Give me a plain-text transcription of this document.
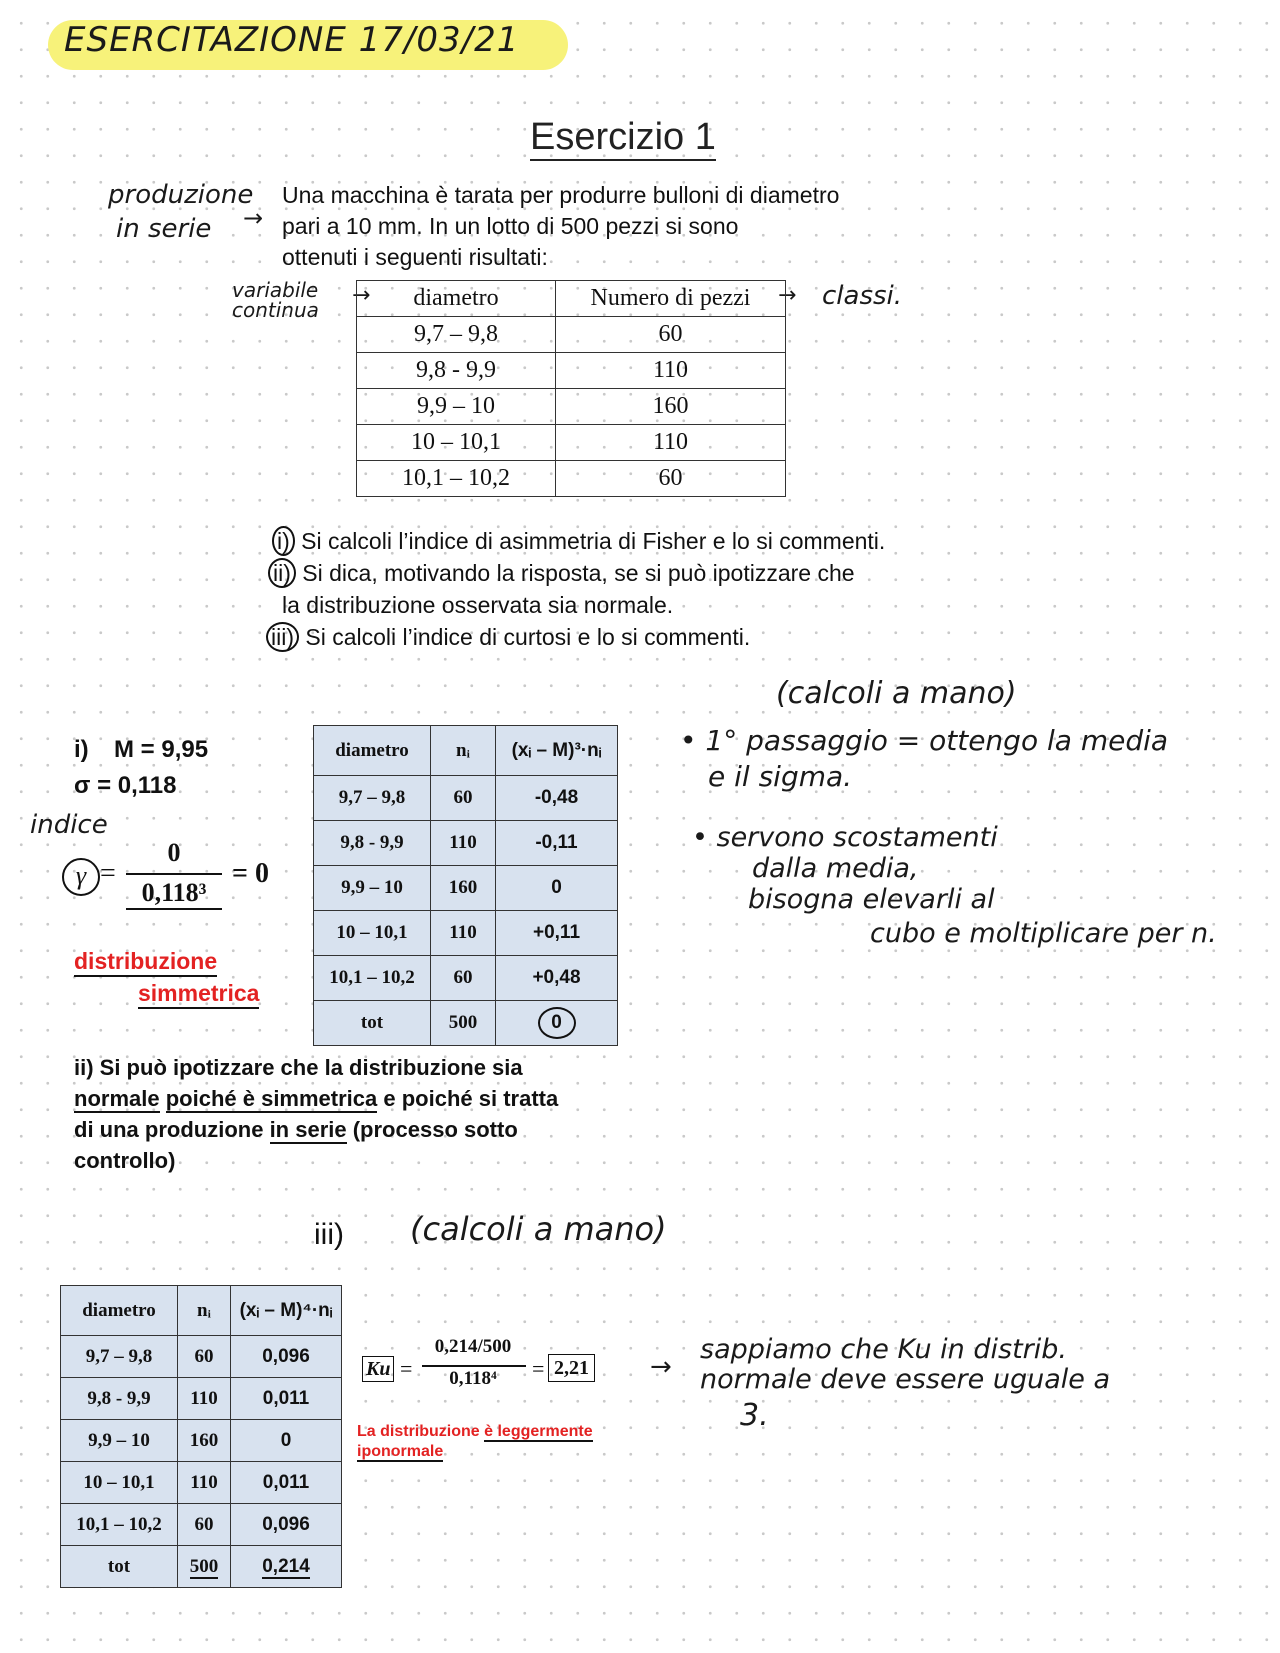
ESERCITAZIONE 17/03/21
Esercizio 1
produzione
in serie →
Una macchina è tarata per produrre bulloni di diametro
pari a 10 mm. In un lotto di 500 pezzi si sono
ottenuti i seguenti risultati:
variabile
continua
→	→ classi.
diametro	Numero di pezzi
9,7 – 9,8	60
9,8 - 9,9	110
9,9 – 10	160
10 – 10,1	110
10,1 – 10,2	60
i) Si calcoli l’indice di asimmetria di Fisher e lo si commenti.
ii) Si dica, motivando la risposta, se si può ipotizzare che
la distribuzione osservata sia normale.
iii) Si calcoli l’indice di curtosi e lo si commenti.
(calcoli a mano)
• 1° passaggio = ottengo la media
e il sigma.
• servono scostamenti
dalla media,
bisogna elevarli al
cubo e moltiplicare per n.
i) M = 9,95
σ = 0,118
indice
γ =
0
0,118³
= 0
distribuzione
simmetrica
diametro	nᵢ	(xᵢ – M)³·nᵢ
9,7 – 9,8	60	-0,48
9,8 - 9,9	110	-0,11
9,9 – 10	160	0
10 – 10,1	110	+0,11
10,1 – 10,2	60	+0,48
tot	500	0
ii) Si può ipotizzare che la distribuzione sia
normale poiché è simmetrica e poiché si tratta
di una produzione in serie (processo sotto
controllo)
iii) (calcoli a mano)
diametro	nᵢ	(xᵢ – M)⁴·nᵢ
9,7 – 9,8	60	0,096
9,8 - 9,9	110	0,011
9,9 – 10	160	0
10 – 10,1	110	0,011
10,1 – 10,2	60	0,096
tot	500	0,214
Ku =
0,214/500
0,118⁴	= 2,21
La distribuzione è leggermente
iponormale
→
sappiamo che Ku in distrib.
normale deve essere uguale a
3.
